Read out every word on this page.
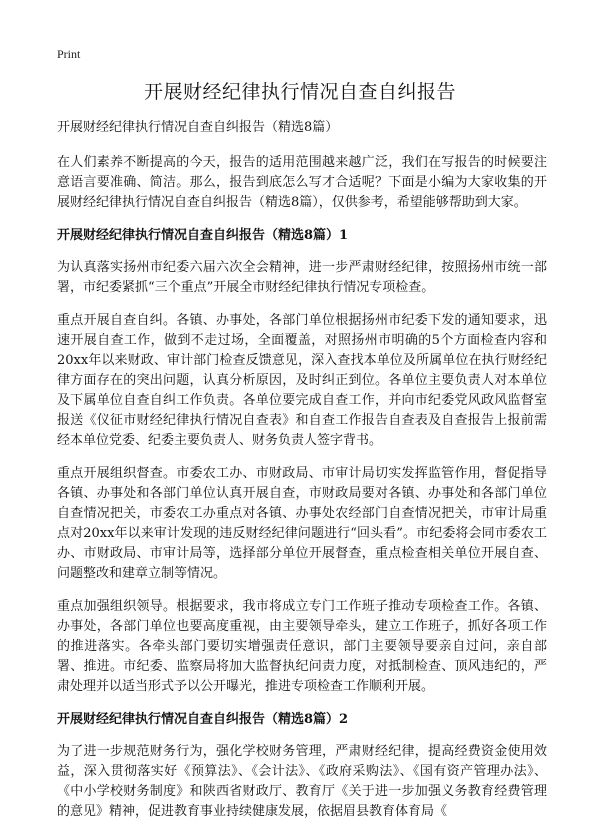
Print
开展财经纪律执行情况自查自纠报告

开展财经纪律执行情况自查自纠报告（精选8篇）

在人们素养不断提高的今天，报告的适用范围越来越广泛，我们在写报告的时候要注意语言要准确、简洁。那么，报告到底怎么写才合适呢？下面是小编为大家收集的开展财经纪律执行情况自查自纠报告（精选8篇），仅供参考，希望能够帮助到大家。

开展财经纪律执行情况自查自纠报告（精选8篇）1

为认真落实扬州市纪委六届六次全会精神，进一步严肃财经纪律，按照扬州市统一部署，市纪委紧抓“三个重点”开展全市财经纪律执行情况专项检查。

重点开展自查自纠。各镇、办事处，各部门单位根据扬州市纪委下发的通知要求，迅速开展自查工作，做到不走过场，全面覆盖，对照扬州市明确的5个方面检查内容和20xx年以来财政、审计部门检查反馈意见，深入查找本单位及所属单位在执行财经纪律方面存在的突出问题，认真分析原因，及时纠正到位。各单位主要负责人对本单位及下属单位自查自纠工作负责。各单位要完成自查工作，并向市纪委党风政风监督室报送《仪征市财经纪律执行情况自查表》和自查工作报告自查表及自查报告上报前需经本单位党委、纪委主要负责人、财务负责人签字背书。

重点开展组织督查。市委农工办、市财政局、市审计局切实发挥监管作用，督促指导各镇、办事处和各部门单位认真开展自查，市财政局要对各镇、办事处和各部门单位自查情况把关，市委农工办重点对各镇、办事处农经部门自查情况把关，市审计局重点对20xx年以来审计发现的违反财经纪律问题进行“回头看”。市纪委将会同市委农工办、市财政局、市审计局等，选择部分单位开展督查，重点检查相关单位开展自查、问题整改和建章立制等情况。

重点加强组织领导。根据要求，我市将成立专门工作班子推动专项检查工作。各镇、办事处，各部门单位也要高度重视，由主要领导牵头，建立工作班子，抓好各项工作的推进落实。各牵头部门要切实增强责任意识，部门主要领导要亲自过问，亲自部署、推进。市纪委、监察局将加大监督执纪问责力度，对抵制检查、顶风违纪的，严肃处理并以适当形式予以公开曝光，推进专项检查工作顺利开展。

开展财经纪律执行情况自查自纠报告（精选8篇）2

为了进一步规范财务行为，强化学校财务管理，严肃财经纪律，提高经费资金使用效益，深入贯彻落实好《预算法》、《会计法》、《政府采购法》、《国有资产管理办法》、《中小学校财务制度》和陕西省财政厅、教育厅《关于进一步加强义务教育经费管理的意见》精神，促进教育事业持续健康发展，依据眉县教育体育局《
